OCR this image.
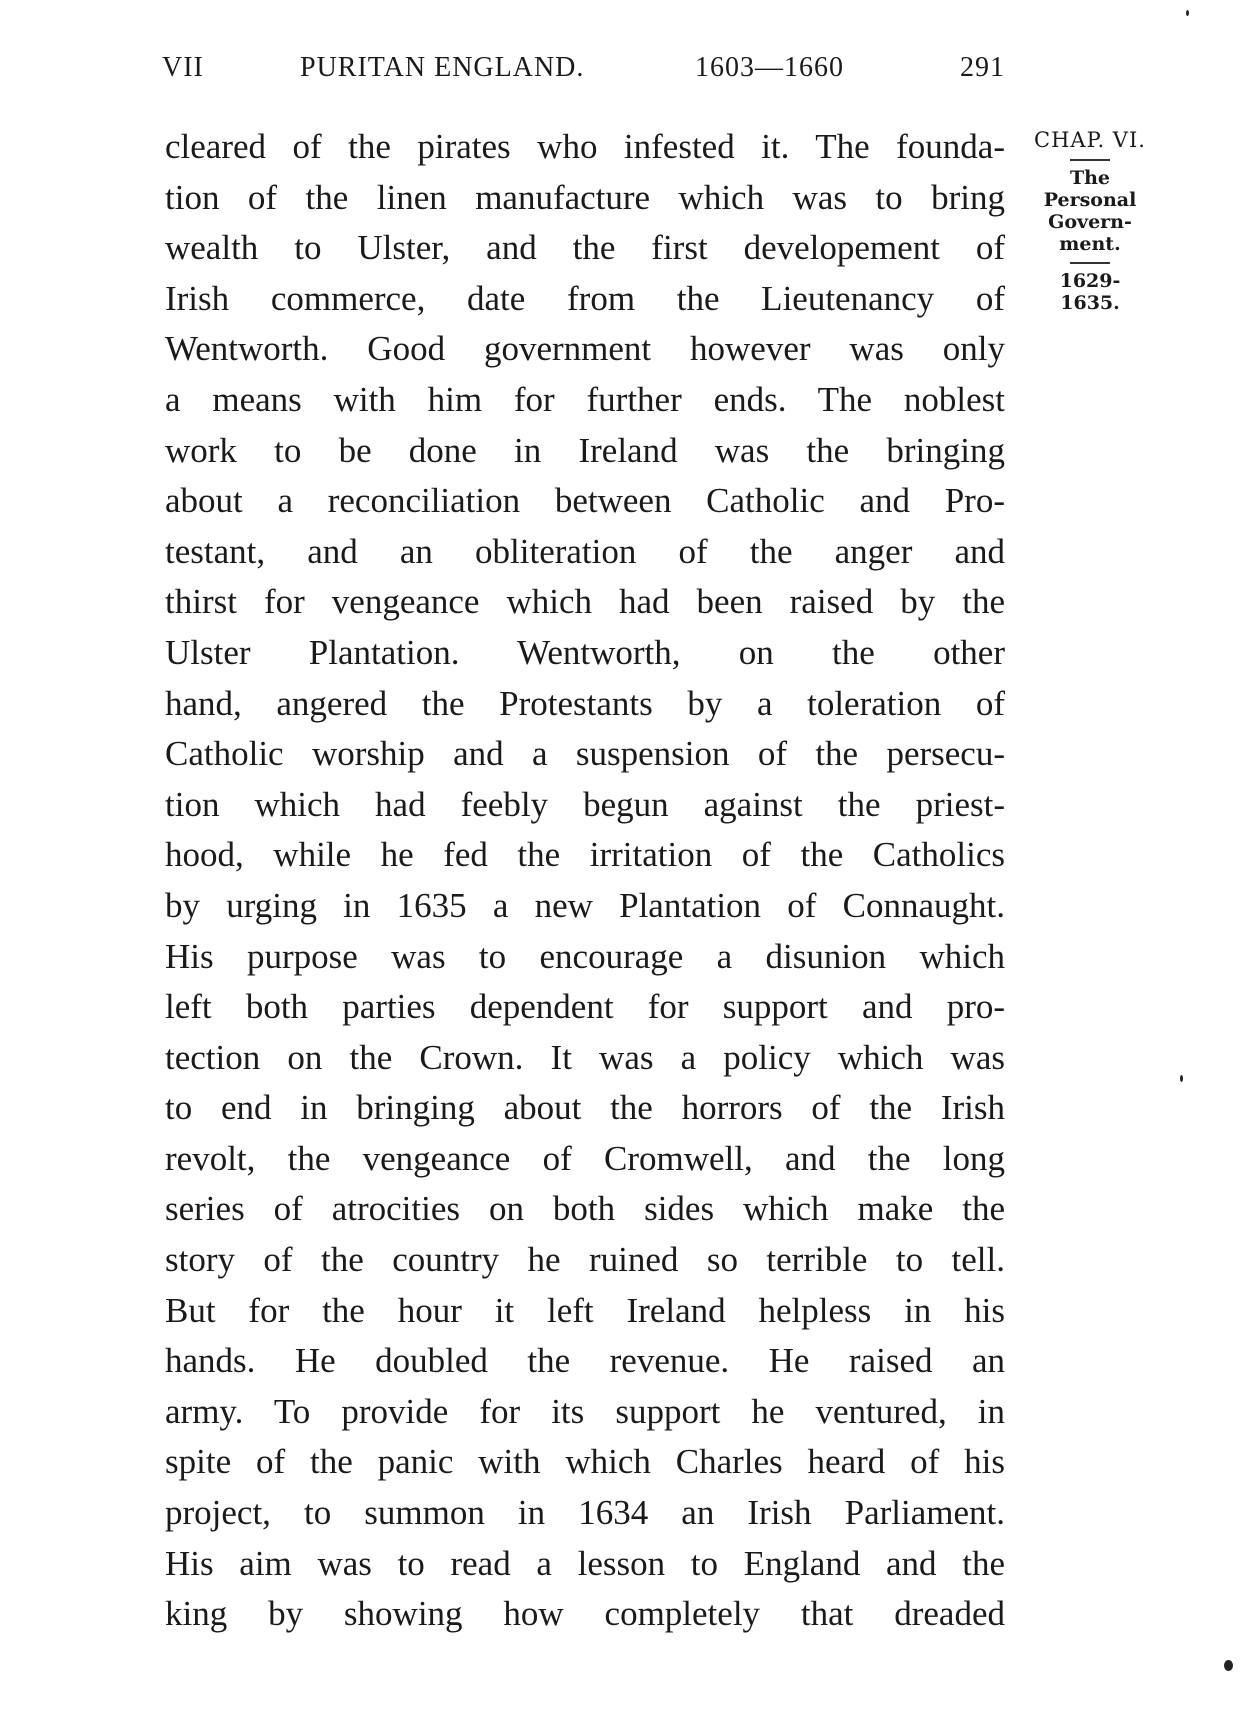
VII	PURITAN ENGLAND.	1603—1660	291
cleared of the pirates who infested it. The founda-
tion of the linen manufacture which was to bring
wealth to Ulster, and the first developement of
Irish commerce, date from the Lieutenancy of
Wentworth. Good government however was only
a means with him for further ends. The noblest
work to be done in Ireland was the bringing
about a reconciliation between Catholic and Pro-
testant, and an obliteration of the anger and
thirst for vengeance which had been raised by the
Ulster Plantation. Wentworth, on the other
hand, angered the Protestants by a toleration of
Catholic worship and a suspension of the persecu-
tion which had feebly begun against the priest-
hood, while he fed the irritation of the Catholics
by urging in 1635 a new Plantation of Connaught.
His purpose was to encourage a disunion which
left both parties dependent for support and pro-
tection on the Crown. It was a policy which was
to end in bringing about the horrors of the Irish
revolt, the vengeance of Cromwell, and the long
series of atrocities on both sides which make the
story of the country he ruined so terrible to tell.
But for the hour it left Ireland helpless in his
hands. He doubled the revenue. He raised an
army. To provide for its support he ventured, in
spite of the panic with which Charles heard of his
project, to summon in 1634 an Irish Parliament.
His aim was to read a lesson to England and the
king by showing how completely that dreaded
CHAP. VI.
The
Personal
Govern-
ment.
1629-1635.
